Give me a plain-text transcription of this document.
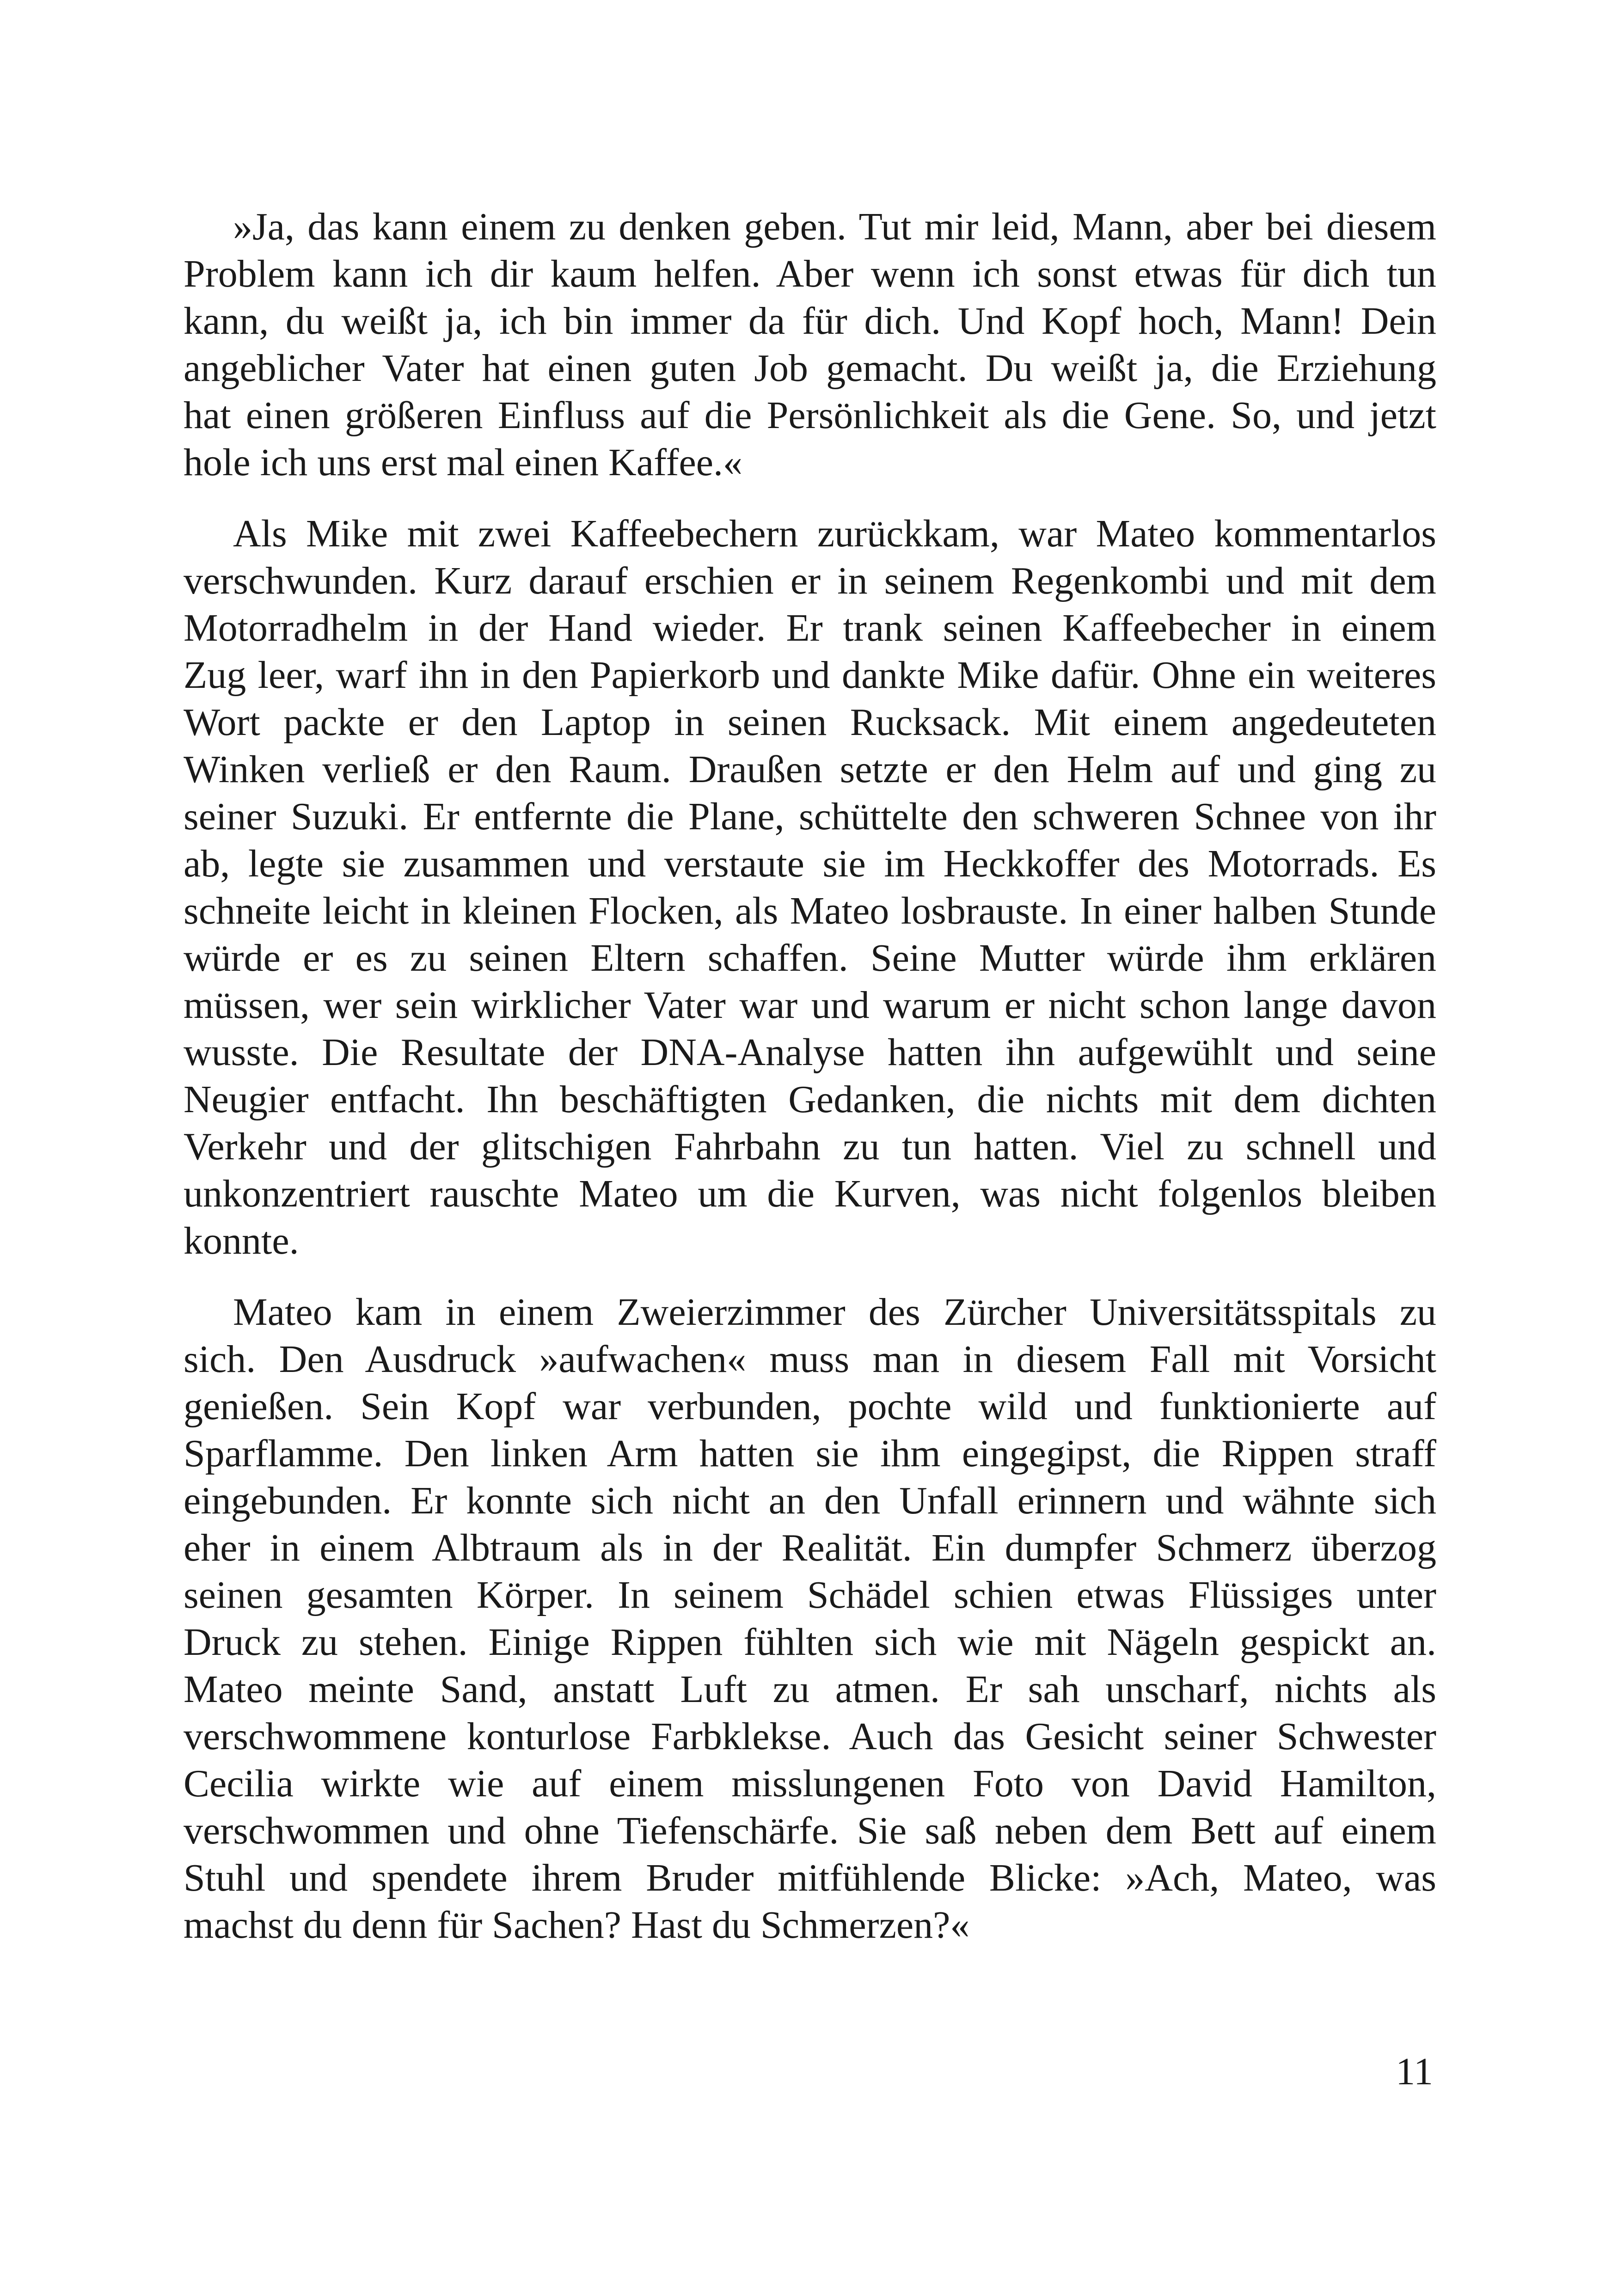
»Ja, das kann einem zu denken geben. Tut mir leid, Mann, aber bei diesem
Problem kann ich dir kaum helfen. Aber wenn ich sonst etwas für dich tun
kann, du weißt ja, ich bin immer da für dich. Und Kopf hoch, Mann! Dein
angeblicher Vater hat einen guten Job gemacht. Du weißt ja, die Erziehung
hat einen größeren Einfluss auf die Persönlichkeit als die Gene. So, und jetzt
hole ich uns erst mal einen Kaffee.«
Als Mike mit zwei Kaffeebechern zurückkam, war Mateo kommentarlos
verschwunden. Kurz darauf erschien er in seinem Regenkombi und mit dem
Motorradhelm in der Hand wieder. Er trank seinen Kaffeebecher in einem
Zug leer, warf ihn in den Papierkorb und dankte Mike dafür. Ohne ein weiteres
Wort packte er den Laptop in seinen Rucksack. Mit einem angedeuteten
Winken verließ er den Raum. Draußen setzte er den Helm auf und ging zu
seiner Suzuki. Er entfernte die Plane, schüttelte den schweren Schnee von ihr
ab, legte sie zusammen und verstaute sie im Heckkoffer des Motorrads. Es
schneite leicht in kleinen Flocken, als Mateo losbrauste. In einer halben Stunde
würde er es zu seinen Eltern schaffen. Seine Mutter würde ihm erklären
müssen, wer sein wirklicher Vater war und warum er nicht schon lange davon
wusste. Die Resultate der DNA-Analyse hatten ihn aufgewühlt und seine
Neugier entfacht. Ihn beschäftigten Gedanken, die nichts mit dem dichten
Verkehr und der glitschigen Fahrbahn zu tun hatten. Viel zu schnell und
unkonzentriert rauschte Mateo um die Kurven, was nicht folgenlos bleiben
konnte.
Mateo kam in einem Zweierzimmer des Zürcher Universitätsspitals zu
sich. Den Ausdruck »aufwachen« muss man in diesem Fall mit Vorsicht
genießen. Sein Kopf war verbunden, pochte wild und funktionierte auf
Sparflamme. Den linken Arm hatten sie ihm eingegipst, die Rippen straff
eingebunden. Er konnte sich nicht an den Unfall erinnern und wähnte sich
eher in einem Albtraum als in der Realität. Ein dumpfer Schmerz überzog
seinen gesamten Körper. In seinem Schädel schien etwas Flüssiges unter
Druck zu stehen. Einige Rippen fühlten sich wie mit Nägeln gespickt an.
Mateo meinte Sand, anstatt Luft zu atmen. Er sah unscharf, nichts als
verschwommene konturlose Farbklekse. Auch das Gesicht seiner Schwester
Cecilia wirkte wie auf einem misslungenen Foto von David Hamilton,
verschwommen und ohne Tiefenschärfe. Sie saß neben dem Bett auf einem
Stuhl und spendete ihrem Bruder mitfühlende Blicke: »Ach, Mateo, was
machst du denn für Sachen? Hast du Schmerzen?«
11
